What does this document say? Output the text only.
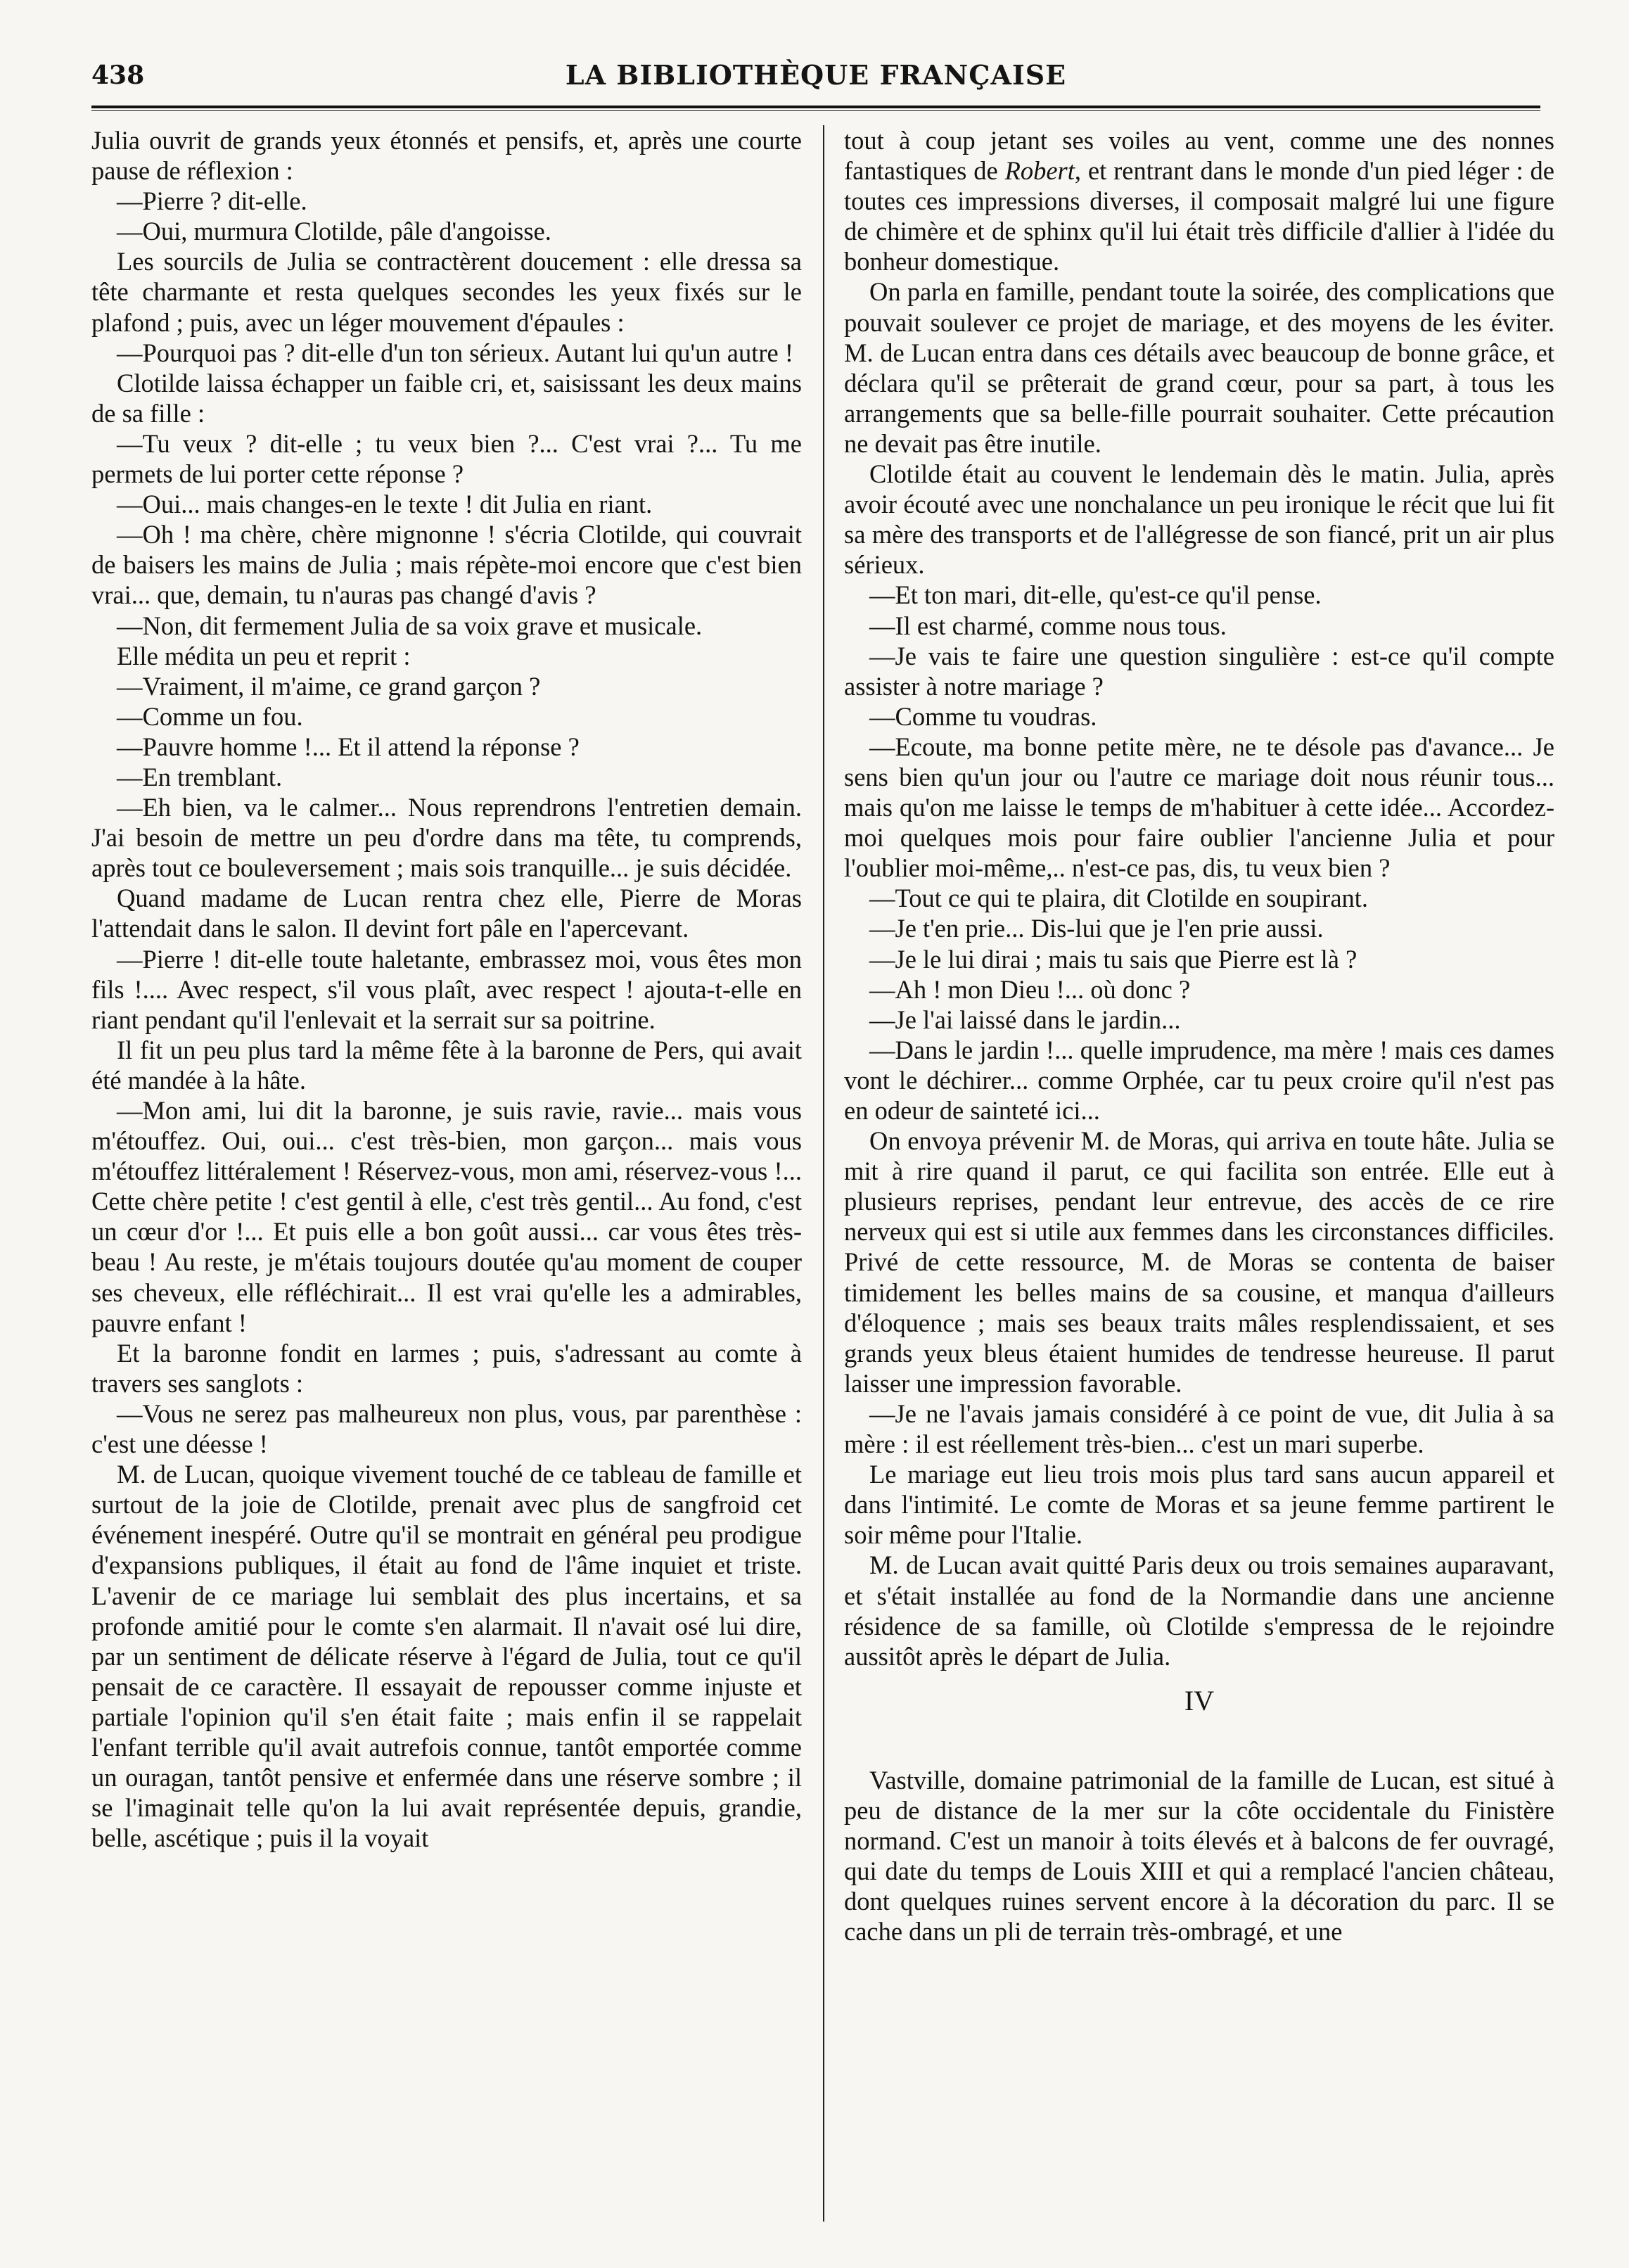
438	LA BIBLIOTHÈQUE FRANÇAISE

Julia ouvrit de grands yeux étonnés et pensifs, et, après une courte pause de réflexion :

—Pierre ? dit-elle.

—Oui, murmura Clotilde, pâle d'angoisse.

Les sourcils de Julia se contractèrent doucement : elle dressa sa tête charmante et resta quelques secondes les yeux fixés sur le plafond ; puis, avec un léger mouvement d'épaules :

—Pourquoi pas ? dit-elle d'un ton sérieux. Autant lui qu'un autre !

Clotilde laissa échapper un faible cri, et, saisissant les deux mains de sa fille :

—Tu veux ? dit-elle ; tu veux bien ?... C'est vrai ?... Tu me permets de lui porter cette réponse ?

—Oui... mais changes-en le texte ! dit Julia en riant.

—Oh ! ma chère, chère mignonne ! s'écria Clotilde, qui couvrait de baisers les mains de Julia ; mais répète-moi encore que c'est bien vrai... que, demain, tu n'auras pas changé d'avis ?

—Non, dit fermement Julia de sa voix grave et musicale.

Elle médita un peu et reprit :

—Vraiment, il m'aime, ce grand garçon ?

—Comme un fou.

—Pauvre homme !... Et il attend la réponse ?

—En tremblant.

—Eh bien, va le calmer... Nous reprendrons l'entretien demain. J'ai besoin de mettre un peu d'ordre dans ma tête, tu comprends, après tout ce bouleversement ; mais sois tranquille... je suis décidée.

Quand madame de Lucan rentra chez elle, Pierre de Moras l'attendait dans le salon. Il devint fort pâle en l'apercevant.

—Pierre ! dit-elle toute haletante, embrassez moi, vous êtes mon fils !.... Avec respect, s'il vous plaît, avec respect ! ajouta-t-elle en riant pendant qu'il l'enlevait et la serrait sur sa poitrine.

Il fit un peu plus tard la même fête à la baronne de Pers, qui avait été mandée à la hâte.

—Mon ami, lui dit la baronne, je suis ravie, ravie... mais vous m'étouffez. Oui, oui... c'est très-bien, mon garçon... mais vous m'étouffez littéralement ! Réservez-vous, mon ami, réservez-vous !... Cette chère petite ! c'est gentil à elle, c'est très gentil... Au fond, c'est un cœur d'or !... Et puis elle a bon goût aussi... car vous êtes très-beau ! Au reste, je m'étais toujours doutée qu'au moment de couper ses cheveux, elle réfléchirait... Il est vrai qu'elle les a admirables, pauvre enfant !

Et la baronne fondit en larmes ; puis, s'adressant au comte à travers ses sanglots :

—Vous ne serez pas malheureux non plus, vous, par parenthèse : c'est une déesse !

M. de Lucan, quoique vivement touché de ce tableau de famille et surtout de la joie de Clotilde, prenait avec plus de sangfroid cet événement inespéré. Outre qu'il se montrait en général peu prodigue d'expansions publiques, il était au fond de l'âme inquiet et triste. L'avenir de ce mariage lui semblait des plus incertains, et sa profonde amitié pour le comte s'en alarmait. Il n'avait osé lui dire, par un sentiment de délicate réserve à l'égard de Julia, tout ce qu'il pensait de ce caractère. Il essayait de repousser comme injuste et partiale l'opinion qu'il s'en était faite ; mais enfin il se rappelait l'enfant terrible qu'il avait autrefois connue, tantôt emportée comme un ouragan, tantôt pensive et enfermée dans une réserve sombre ; il se l'imaginait telle qu'on la lui avait représentée depuis, grandie, belle, ascétique ; puis il la voyait

tout à coup jetant ses voiles au vent, comme une des nonnes fantastiques de Robert, et rentrant dans le monde d'un pied léger : de toutes ces impressions diverses, il composait malgré lui une figure de chimère et de sphinx qu'il lui était très difficile d'allier à l'idée du bonheur domestique.

On parla en famille, pendant toute la soirée, des complications que pouvait soulever ce projet de mariage, et des moyens de les éviter. M. de Lucan entra dans ces détails avec beaucoup de bonne grâce, et déclara qu'il se prêterait de grand cœur, pour sa part, à tous les arrangements que sa belle-fille pourrait souhaiter. Cette précaution ne devait pas être inutile.

Clotilde était au couvent le lendemain dès le matin. Julia, après avoir écouté avec une nonchalance un peu ironique le récit que lui fit sa mère des transports et de l'allégresse de son fiancé, prit un air plus sérieux.

—Et ton mari, dit-elle, qu'est-ce qu'il pense.

—Il est charmé, comme nous tous.

—Je vais te faire une question singulière : est-ce qu'il compte assister à notre mariage ?

—Comme tu voudras.

—Ecoute, ma bonne petite mère, ne te désole pas d'avance... Je sens bien qu'un jour ou l'autre ce mariage doit nous réunir tous... mais qu'on me laisse le temps de m'habituer à cette idée... Accordez-moi quelques mois pour faire oublier l'ancienne Julia et pour l'oublier moi-même,.. n'est-ce pas, dis, tu veux bien ?

—Tout ce qui te plaira, dit Clotilde en soupirant.

—Je t'en prie... Dis-lui que je l'en prie aussi.

—Je le lui dirai ; mais tu sais que Pierre est là ?

—Ah ! mon Dieu !... où donc ?

—Je l'ai laissé dans le jardin...

—Dans le jardin !... quelle imprudence, ma mère ! mais ces dames vont le déchirer... comme Orphée, car tu peux croire qu'il n'est pas en odeur de sainteté ici...

On envoya prévenir M. de Moras, qui arriva en toute hâte. Julia se mit à rire quand il parut, ce qui facilita son entrée. Elle eut à plusieurs reprises, pendant leur entrevue, des accès de ce rire nerveux qui est si utile aux femmes dans les circonstances difficiles. Privé de cette ressource, M. de Moras se contenta de baiser timidement les belles mains de sa cousine, et manqua d'ailleurs d'éloquence ; mais ses beaux traits mâles resplendissaient, et ses grands yeux bleus étaient humides de tendresse heureuse. Il parut laisser une impression favorable.

—Je ne l'avais jamais considéré à ce point de vue, dit Julia à sa mère : il est réellement très-bien... c'est un mari superbe.

Le mariage eut lieu trois mois plus tard sans aucun appareil et dans l'intimité. Le comte de Moras et sa jeune femme partirent le soir même pour l'Italie.

M. de Lucan avait quitté Paris deux ou trois semaines auparavant, et s'était installée au fond de la Normandie dans une ancienne résidence de sa famille, où Clotilde s'empressa de le rejoindre aussitôt après le départ de Julia.

IV

Vastville, domaine patrimonial de la famille de Lucan, est situé à peu de distance de la mer sur la côte occidentale du Finistère normand. C'est un manoir à toits élevés et à balcons de fer ouvragé, qui date du temps de Louis XIII et qui a remplacé l'ancien château, dont quelques ruines servent encore à la décoration du parc. Il se cache dans un pli de terrain très-ombragé, et une
